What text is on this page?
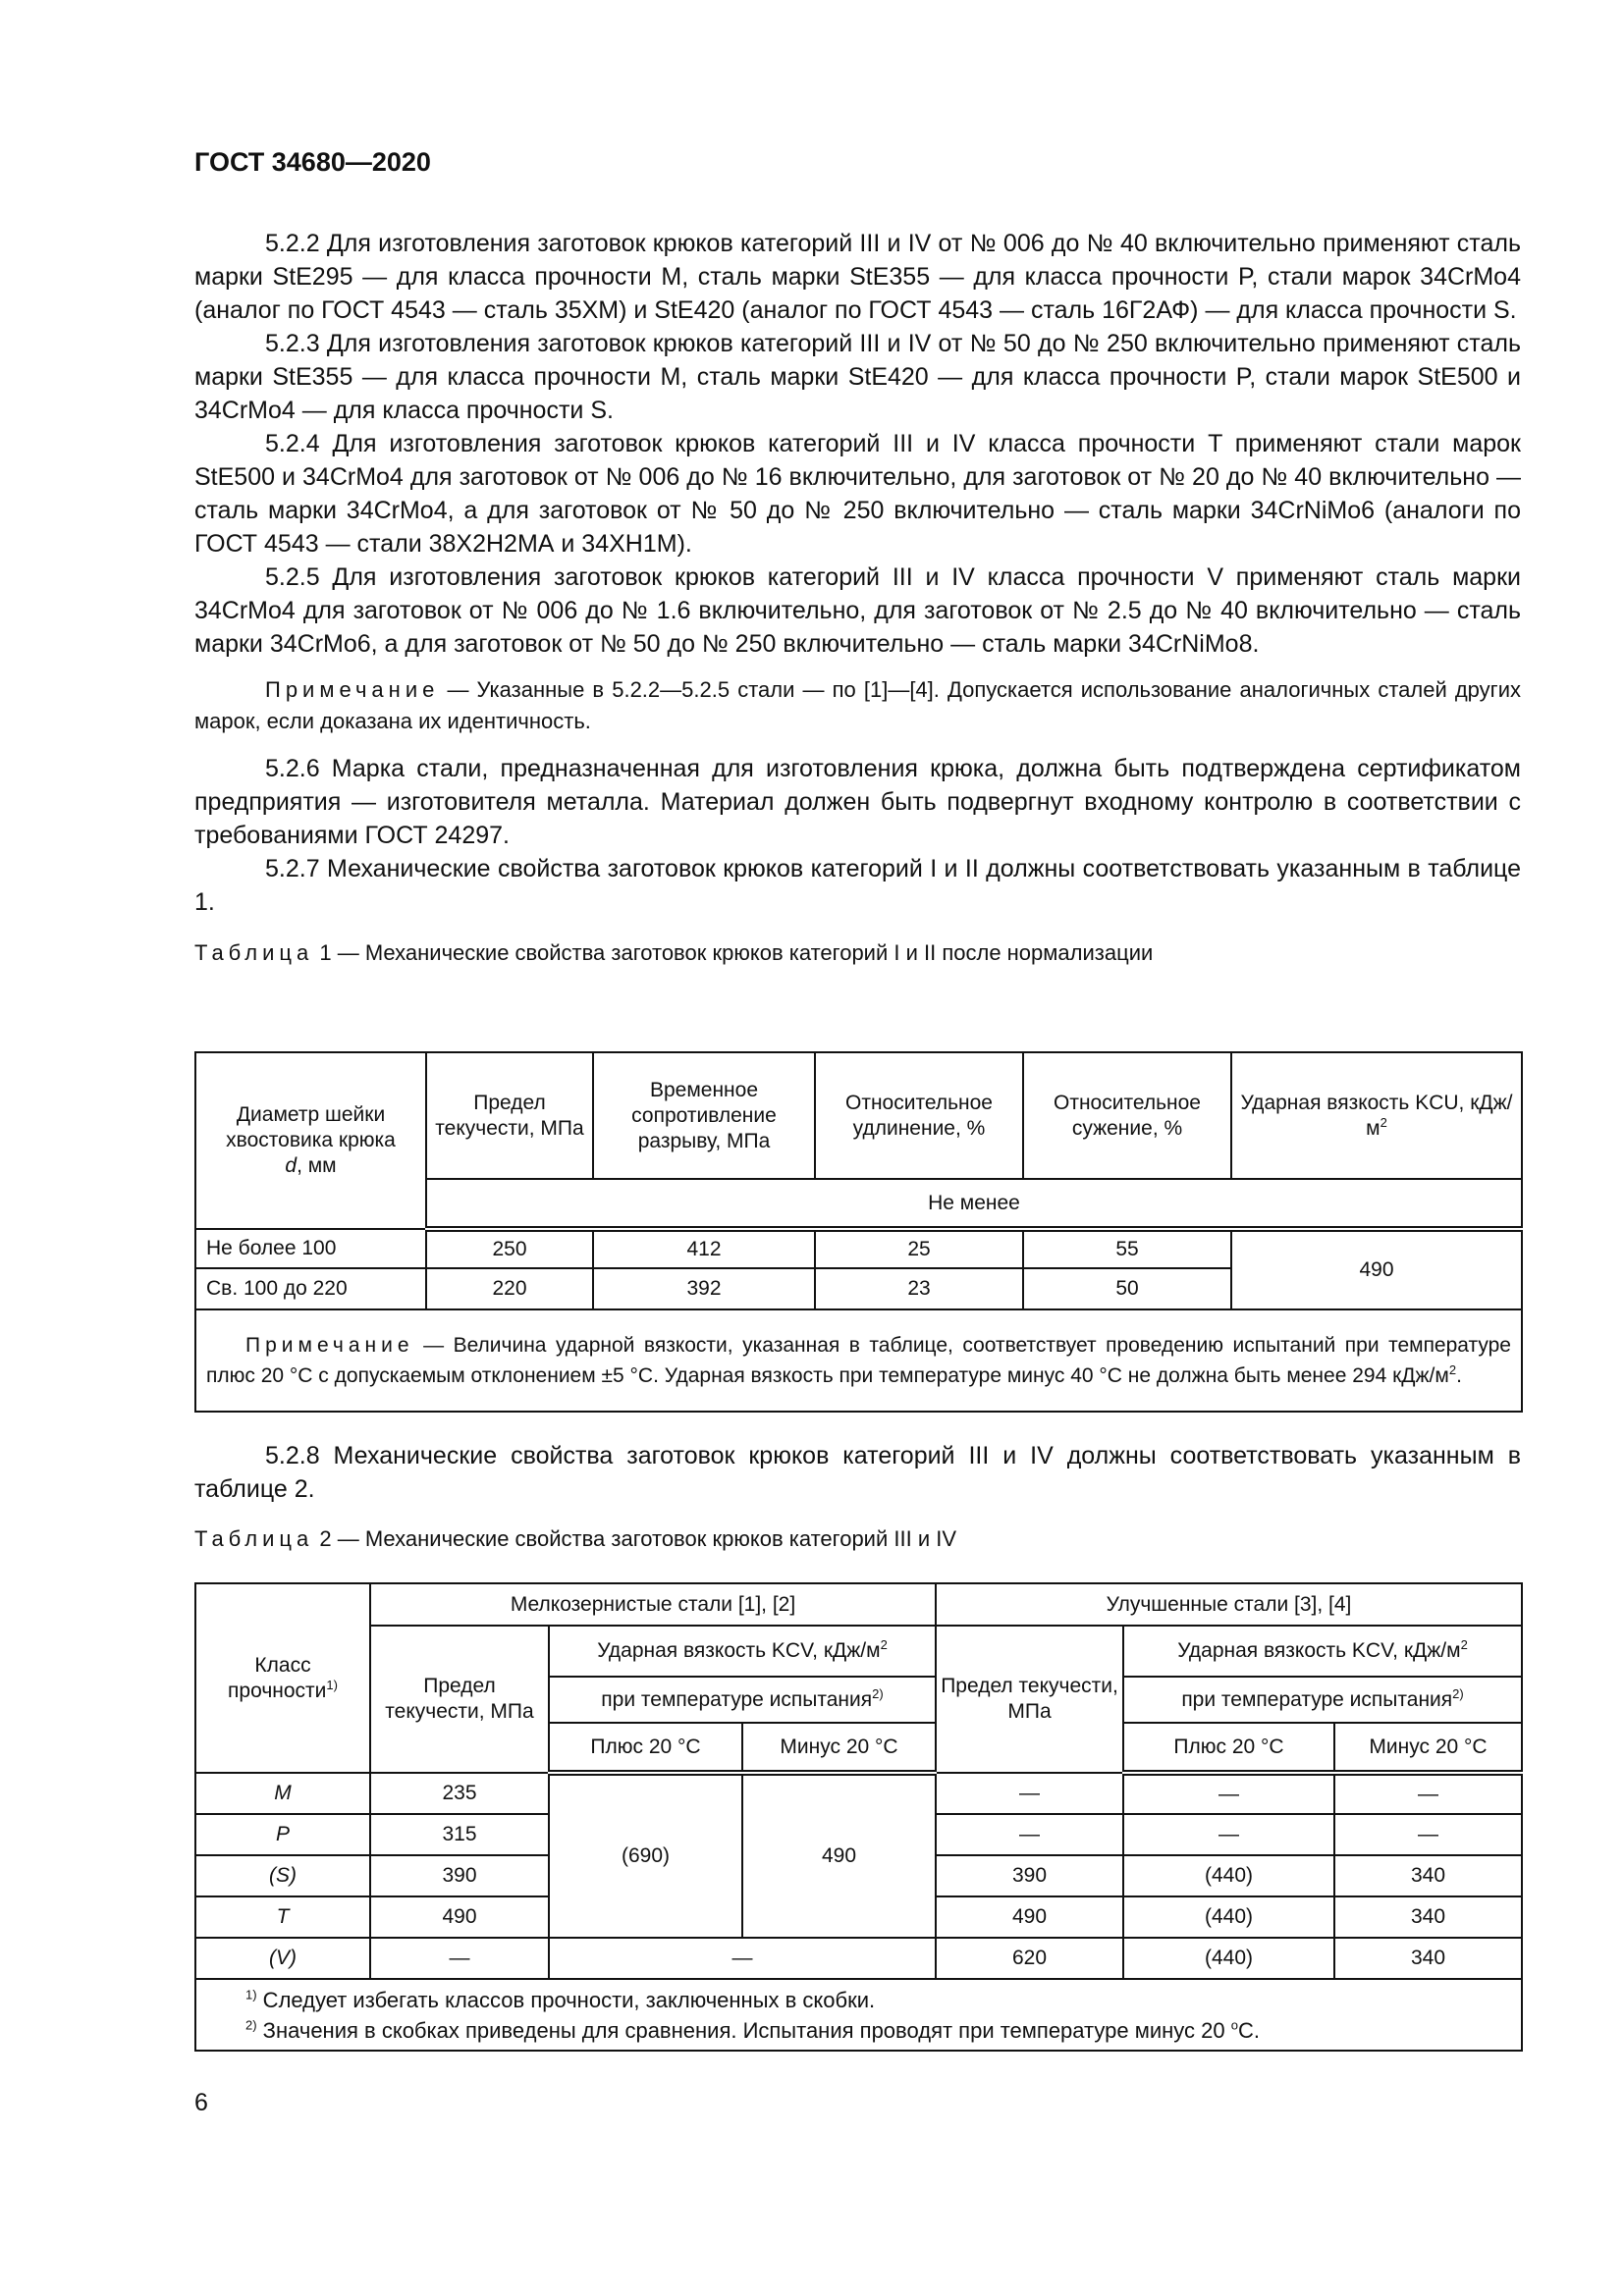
ГОСТ 34680—2020

5.2.2 Для изготовления заготовок крюков категорий III и IV от № 006 до № 40 включительно применяют сталь марки StE295 — для класса прочности M, сталь марки StE355 — для класса прочности P, стали марок 34CrMo4 (аналог по ГОСТ 4543 — сталь 35ХМ) и StE420 (аналог по ГОСТ 4543 — сталь 16Г2АФ) — для класса прочности S.

5.2.3 Для изготовления заготовок крюков категорий III и IV от № 50 до № 250 включительно применяют сталь марки StE355 — для класса прочности M, сталь марки StE420 — для класса прочности P, стали марок StE500 и 34CrMo4 — для класса прочности S.

5.2.4 Для изготовления заготовок крюков категорий III и IV класса прочности T применяют стали марок StE500 и 34CrMo4 для заготовок от № 006 до № 16 включительно, для заготовок от № 20 до № 40 включительно — сталь марки 34CrMo4, а для заготовок от № 50 до № 250 включительно — сталь марки 34CrNiMo6 (аналоги по ГОСТ 4543 — стали 38Х2Н2МА и 34ХН1М).

5.2.5 Для изготовления заготовок крюков категорий III и IV класса прочности V применяют сталь марки 34CrMo4 для заготовок от № 006 до № 1.6 включительно, для заготовок от № 2.5 до № 40 включительно — сталь марки 34CrMo6, а для заготовок от № 50 до № 250 включительно — сталь марки 34CrNiMo8.

Примечание — Указанные в 5.2.2—5.2.5 стали — по [1]—[4]. Допускается использование аналогичных сталей других марок, если доказана их идентичность.

5.2.6 Марка стали, предназначенная для изготовления крюка, должна быть подтверждена сертификатом предприятия — изготовителя металла. Материал должен быть подвергнут входному контролю в соответствии с требованиями ГОСТ 24297.

5.2.7 Механические свойства заготовок крюков категорий I и II должны соответствовать указанным в таблице 1.

Таблица 1 — Механические свойства заготовок крюков категорий I и II после нормализации

Диаметр шейки хвостовика крюка
d, мм	Предел текучести, МПа	Временное сопротивление разрыву, МПа	Относительное удлинение, %	Относительное сужение, %	Ударная вязкость KCU, кДж/$м^2$
	Не менее				
Не более 100	250	412	25	55	490
Св. 100 до 220	220	392	23	50	
Примечание — Величина ударной вязкости, указанная в таблице, соответствует проведению испытаний при температуре плюс 20 °С с допускаемым отклонением ±5 °С. Ударная вязкость при температуре минус 40 °С не должна быть менее 294 кДж/$м^2$.					

5.2.8 Механические свойства заготовок крюков категорий III и IV должны соответствовать указанным в таблице 2.

Таблица 2 — Механические свойства заготовок крюков категорий III и IV

Класс прочности$^{1)}$	Мелкозернистые стали [1], [2]			Улучшенные стали [3], [4]		
	Предел текучести, МПа	Ударная вязкость KCV, кДж/$м^2$		Предел текучести, МПа	Ударная вязкость KCV, кДж/$м^2$
		при температуре испытания$^{2)}$			при температуре испытания$^{2)}$
		Плюс 20 °С	Минус 20 °С		Плюс 20 °С	Минус 20 °С
M	235	(690)	490	—	—	—
P	315			—	—	—
(S)	390			390	(440)	340
T	490			490	(440)	340
(V)	—	—		620	(440)	340

$^{1)}$ Следует избегать классов прочности, заключенных в скобки.
$^{2)}$ Значения в скобках приведены для сравнения. Испытания проводят при температуре минус 20 $^о$С.						
6
